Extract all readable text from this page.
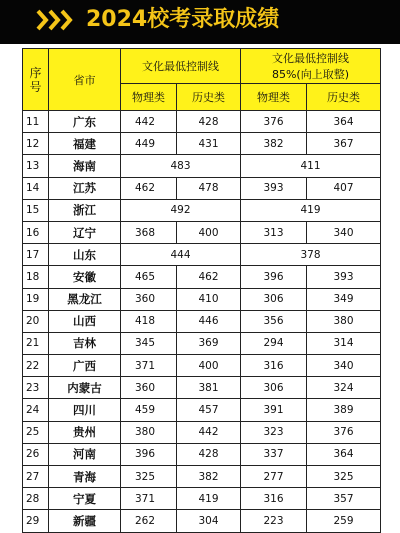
2024校考录取成绩
序
号	省市	文化最低控制线		文化最低控制线
85%(向上取整)	
		物理类	历史类	物理类	历史类
11	广东	442	428	376	364
12	福建	449	431	382	367
13	海南	483		411	
14	江苏	462	478	393	407
15	浙江	492		419	
16	辽宁	368	400	313	340
17	山东	444		378	
18	安徽	465	462	396	393
19	黑龙江	360	410	306	349
20	山西	418	446	356	380
21	吉林	345	369	294	314
22	广西	371	400	316	340
23	内蒙古	360	381	306	324
24	四川	459	457	391	389
25	贵州	380	442	323	376
26	河南	396	428	337	364
27	青海	325	382	277	325
28	宁夏	371	419	316	357
29	新疆	262	304	223	259
